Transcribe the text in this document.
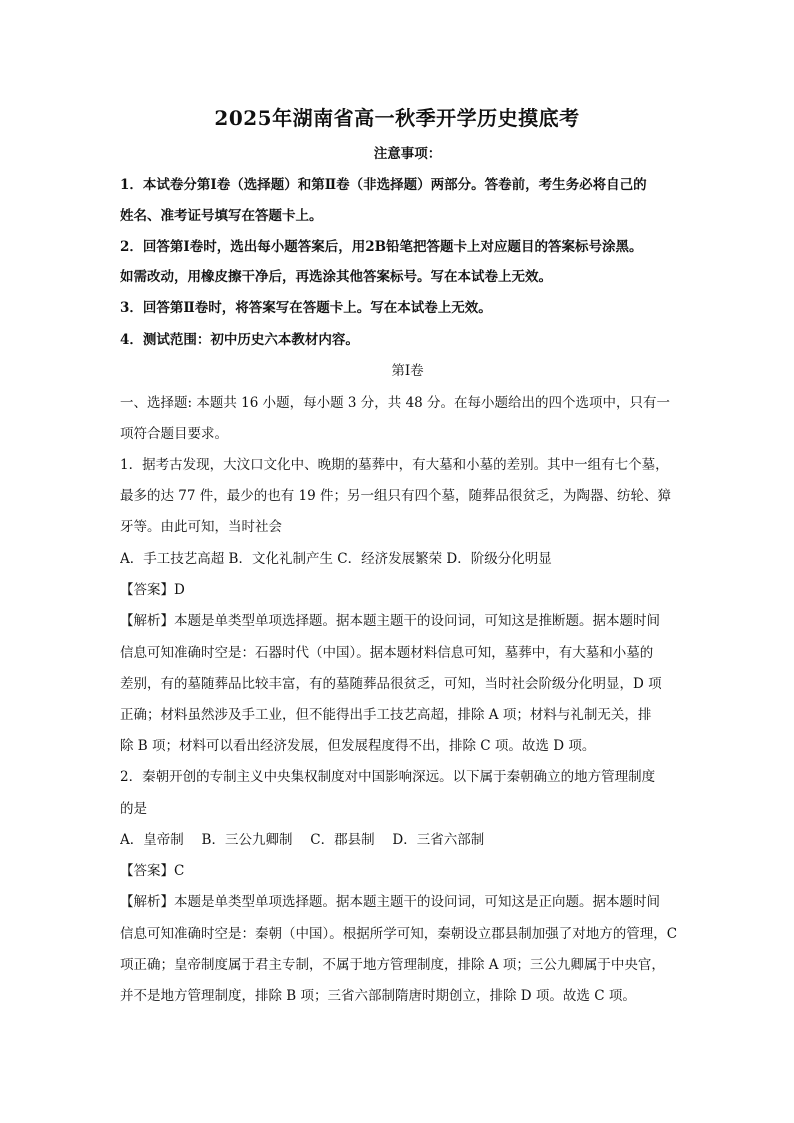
2025年湖南省高一秋季开学历史摸底考
注意事项：
1．本试卷分第Ⅰ卷（选择题）和第Ⅱ卷（非选择题）两部分。答卷前，考生务必将自己的
姓名、准考证号填写在答题卡上。
2．回答第Ⅰ卷时，选出每小题答案后，用2B铅笔把答题卡上对应题目的答案标号涂黑。
如需改动，用橡皮擦干净后，再选涂其他答案标号。写在本试卷上无效。
3．回答第Ⅱ卷时，将答案写在答题卡上。写在本试卷上无效。
4．测试范围：初中历史六本教材内容。
第Ⅰ卷
一、选择题: 本题共 16 小题，每小题 3 分，共 48 分。在每小题给出的四个选项中，只有一
项符合题目要求。
1．据考古发现，大汶口文化中、晚期的墓葬中，有大墓和小墓的差别。其中一组有七个墓，
最多的达 77 件，最少的也有 19 件；另一组只有四个墓，随葬品很贫乏，为陶器、纺轮、獐
牙等。由此可知，当时社会
A．手工技艺高超 B．文化礼制产生 C．经济发展繁荣 D．阶级分化明显
【答案】D
【解析】本题是单类型单项选择题。据本题主题干的设问词，可知这是推断题。据本题时间
信息可知准确时空是：石器时代（中国）。据本题材料信息可知，墓葬中，有大墓和小墓的
差别，有的墓随葬品比较丰富，有的墓随葬品很贫乏，可知，当时社会阶级分化明显，D 项
正确；材料虽然涉及手工业，但不能得出手工技艺高超，排除 A 项；材料与礼制无关，排
除 B 项；材料可以看出经济发展，但发展程度得不出，排除 C 项。故选 D 项。
2．秦朝开创的专制主义中央集权制度对中国影响深远。以下属于秦朝确立的地方管理制度
的是
A．皇帝制　 B．三公九卿制　 C．郡县制　 D．三省六部制
【答案】C
【解析】本题是单类型单项选择题。据本题主题干的设问词，可知这是正向题。据本题时间
信息可知准确时空是：秦朝（中国）。根据所学可知，秦朝设立郡县制加强了对地方的管理，C
项正确；皇帝制度属于君主专制，不属于地方管理制度，排除 A 项；三公九卿属于中央官，
并不是地方管理制度，排除 B 项；三省六部制隋唐时期创立，排除 D 项。故选 C 项。
